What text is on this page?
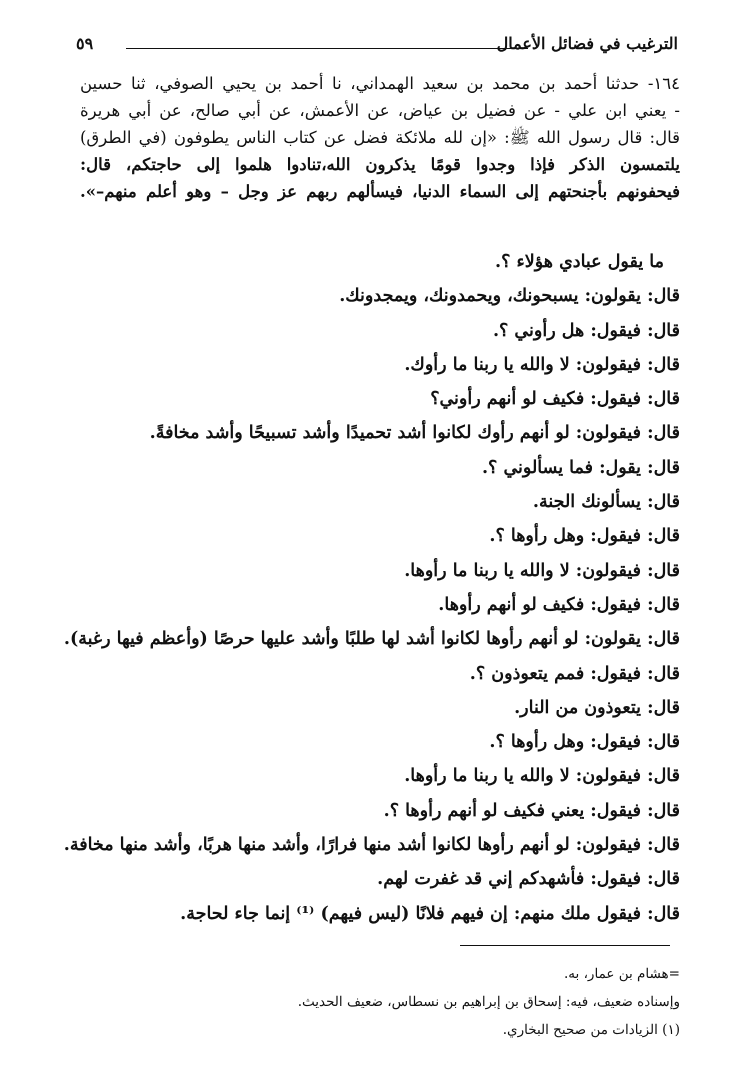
الترغيب في فضائل الأعمال
٥٩
١٦٤- حدثنا أحمد بن محمد بن سعيد الهمداني، نا أحمد بن يحيي الصوفي، ثنا حسين
- يعني ابن علي - عن فضيل بن عياض، عن الأعمش، عن أبي صالح، عن أبي هريرة
قال: قال رسول الله ﷺ: «إن لله ملائكة فضل عن كتاب الناس يطوفون (في الطرق)
يلتمسون الذكر فإذا وجدوا قومًا يذكرون الله،تنادوا هلموا إلى حاجتكم، قال:
فيحفونهم بأجنحتهم إلى السماء الدنيا، فيسألهم ربهم عز وجل – وهو أعلم منهم–».
ما يقول عبادي هؤلاء ؟.
قال: يقولون: يسبحونك، ويحمدونك، ويمجدونك.
قال: فيقول: هل رأوني ؟.
قال: فيقولون: لا والله يا ربنا ما رأوك.
قال: فيقول: فكيف لو أنهم رأوني؟
قال: فيقولون: لو أنهم رأوك لكانوا أشد تحميدًا وأشد تسبيحًا وأشد مخافةً.
قال: يقول: فما يسألوني ؟.
قال: يسألونك الجنة.
قال: فيقول: وهل رأوها ؟.
قال: فيقولون: لا والله يا ربنا ما رأوها.
قال: فيقول: فكيف لو أنهم رأوها.
قال: يقولون: لو أنهم رأوها لكانوا أشد لها طلبًا وأشد عليها حرصًا (وأعظم فيها رغبة).
قال: فيقول: فمم يتعوذون ؟.
قال: يتعوذون من النار.
قال: فيقول: وهل رأوها ؟.
قال: فيقولون: لا والله يا ربنا ما رأوها.
قال: فيقول: يعني فكيف لو أنهم رأوها ؟.
قال: فيقولون: لو أنهم رأوها لكانوا أشد منها فرارًا، وأشد منها هربًا، وأشد منها مخافة.
قال: فيقول: فأشهدكم إني قد غفرت لهم.
قال: فيقول ملك منهم: إن فيهم فلانًا (ليس فيهم) ⁽¹⁾ إنما جاء لحاجة.
=هشام بن عمار، به.
وإسناده ضعيف، فيه: إسحاق بن إبراهيم بن نسطاس، ضعيف الحديث.
(١) الزيادات من صحيح البخاري.
